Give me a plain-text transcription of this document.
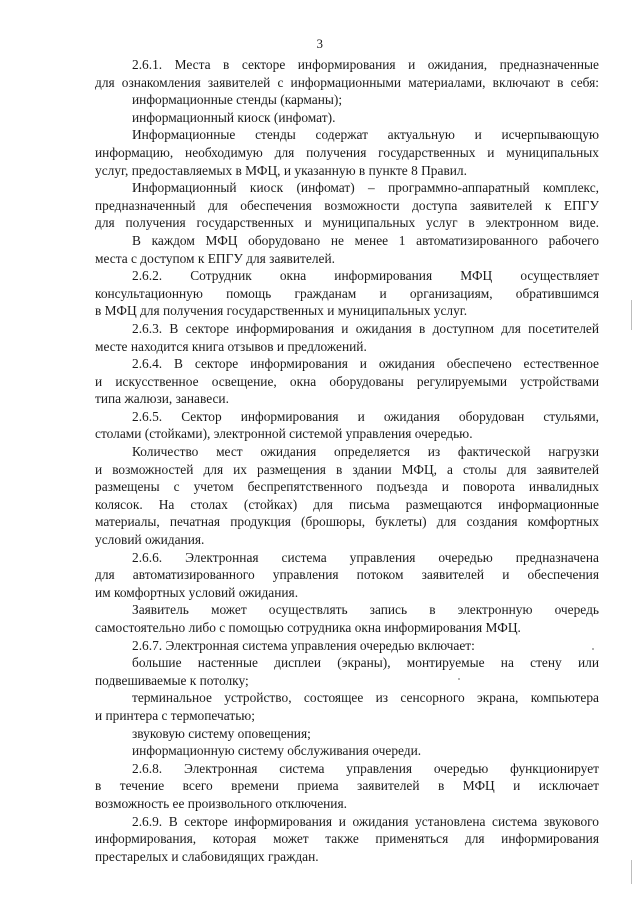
3
2.6.1. Места в секторе информирования и ожидания, предназначенные
для ознакомления заявителей с информационными материалами, включают в себя:
информационные стенды (карманы);
информационный киоск (инфомат).
Информационные стенды содержат актуальную и исчерпывающую
информацию, необходимую для получения государственных и муниципальных
услуг, предоставляемых в МФЦ, и указанную в пункте 8 Правил.
Информационный киоск (инфомат) – программно-аппаратный комплекс,
предназначенный для обеспечения возможности доступа заявителей к ЕПГУ
для получения государственных и муниципальных услуг в электронном виде.
В каждом МФЦ оборудовано не менее 1 автоматизированного рабочего
места с доступом к ЕПГУ для заявителей.
2.6.2. Сотрудник окна информирования МФЦ осуществляет
консультационную помощь гражданам и организациям, обратившимся
в МФЦ для получения государственных и муниципальных услуг.
2.6.3. В секторе информирования и ожидания в доступном для посетителей
месте находится книга отзывов и предложений.
2.6.4. В секторе информирования и ожидания обеспечено естественное
и искусственное освещение, окна оборудованы регулируемыми устройствами
типа жалюзи, занавеси.
2.6.5. Сектор информирования и ожидания оборудован стульями,
столами (стойками), электронной системой управления очередью.
Количество мест ожидания определяется из фактической нагрузки
и возможностей для их размещения в здании МФЦ, а столы для заявителей
размещены с учетом беспрепятственного подъезда и поворота инвалидных
колясок. На столах (стойках) для письма размещаются информационные
материалы, печатная продукция (брошюры, буклеты) для создания комфортных
условий ожидания.
2.6.6. Электронная система управления очередью предназначена
для автоматизированного управления потоком заявителей и обеспечения
им комфортных условий ожидания.
Заявитель может осуществлять запись в электронную очередь
самостоятельно либо с помощью сотрудника окна информирования МФЦ.
2.6.7. Электронная система управления очередью включает:
большие настенные дисплеи (экраны), монтируемые на стену или
подвешиваемые к потолку;
терминальное устройство, состоящее из сенсорного экрана, компьютера
и принтера с термопечатью;
звуковую систему оповещения;
информационную систему обслуживания очереди.
2.6.8. Электронная система управления очередью функционирует
в течение всего времени приема заявителей в МФЦ и исключает
возможность ее произвольного отключения.
2.6.9. В секторе информирования и ожидания установлена система звукового
информирования, которая может также применяться для информирования
престарелых и слабовидящих граждан.
